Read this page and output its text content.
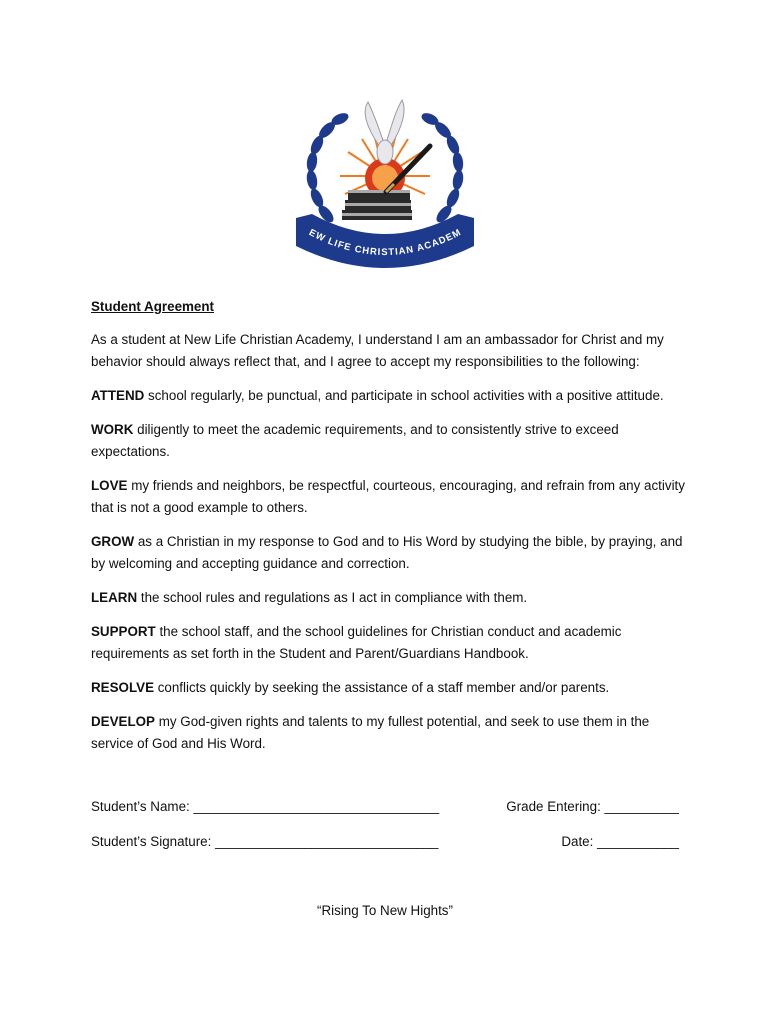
EW LIFE CHRISTIAN ACADEM
Student Agreement

As a student at New Life Christian Academy, I understand I am an ambassador for Christ and my behavior should always reflect that, and I agree to accept my responsibilities to the following:

ATTEND school regularly, be punctual, and participate in school activities with a positive attitude.

WORK diligently to meet the academic requirements, and to consistently strive to exceed expectations.

LOVE my friends and neighbors, be respectful, courteous, encouraging, and refrain from any activity that is not a good example to others.

GROW as a Christian in my response to God and to His Word by studying the bible, by praying, and by welcoming and accepting guidance and correction.

LEARN the school rules and regulations as I act in compliance with them.

SUPPORT the school staff, and the school guidelines for Christian conduct and academic requirements as set forth in the Student and Parent/Guardians Handbook.

RESOLVE conflicts quickly by seeking the assistance of a staff member and/or parents.

DEVELOP my God-given rights and talents to my fullest potential, and seek to use them in the service of God and His Word.

Student’s Name: _________________________________	Grade Entering: __________
Student’s Signature: ______________________________	Date: ___________
“Rising To New Hights”
